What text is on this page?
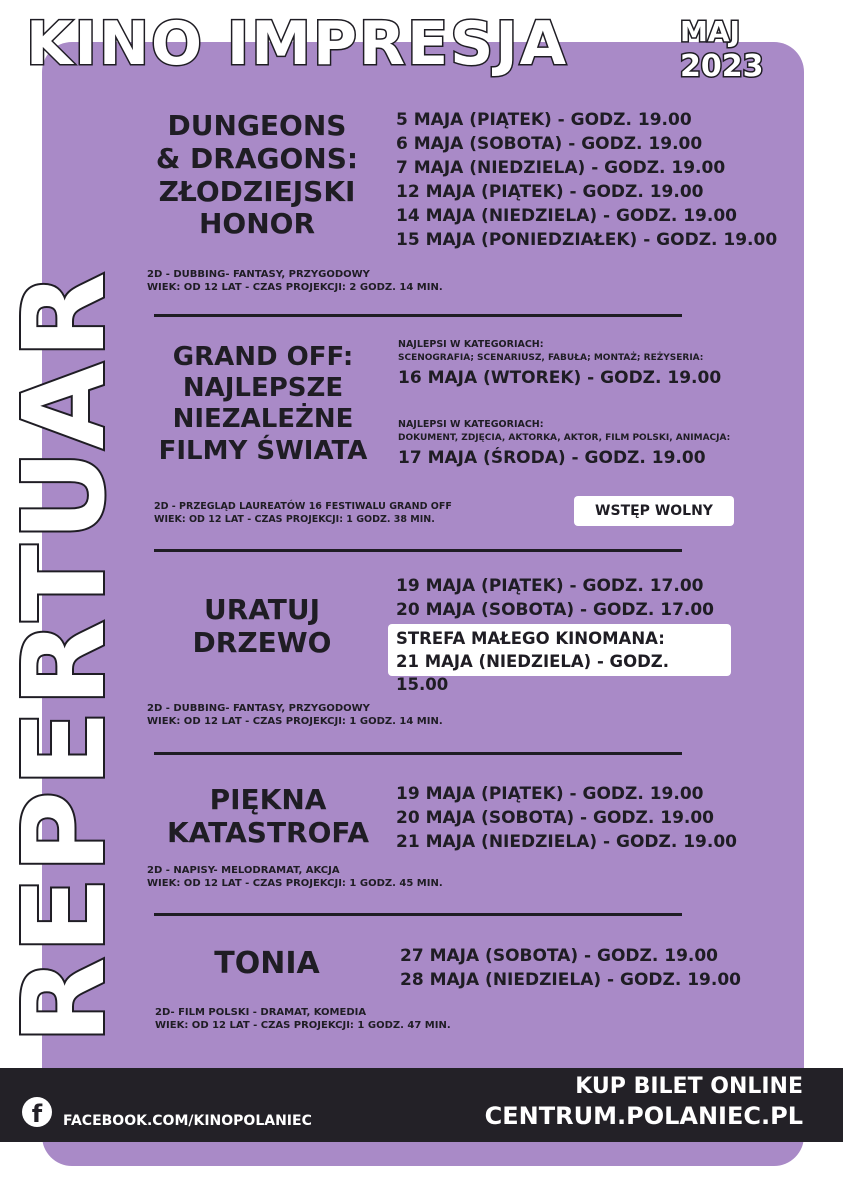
KINO IMPRESJA	MAJ
2023
REPERTUAR
DUNGEONS
& DRAGONS:
ZŁODZIEJSKI
HONOR
5 MAJA (PIĄTEK) - GODZ. 19.00
6 MAJA (SOBOTA) - GODZ. 19.00
7 MAJA (NIEDZIELA) - GODZ. 19.00
12 MAJA (PIĄTEK) - GODZ. 19.00
14 MAJA (NIEDZIELA) - GODZ. 19.00
15 MAJA (PONIEDZIAŁEK) - GODZ. 19.00
2D - DUBBING- FANTASY, PRZYGODOWY
WIEK: OD 12 LAT - CZAS PROJEKCJI: 2 GODZ. 14 MIN.
GRAND OFF:
NAJLEPSZE
NIEZALEŻNE
FILMY ŚWIATA
NAJLEPSI W KATEGORIACH:
SCENOGRAFIA; SCENARIUSZ, FABUŁA; MONTAŻ; REŻYSERIA:
16 MAJA (WTOREK) - GODZ. 19.00
NAJLEPSI W KATEGORIACH:
DOKUMENT, ZDJĘCIA, AKTORKA, AKTOR, FILM POLSKI, ANIMACJA:
17 MAJA (ŚRODA) - GODZ. 19.00
2D - PRZEGLĄD LAUREATÓW 16 FESTIWALU GRAND OFF
WIEK: OD 12 LAT - CZAS PROJEKCJI: 1 GODZ. 38 MIN.
WSTĘP WOLNY
URATUJ
DRZEWO
19 MAJA (PIĄTEK) - GODZ. 17.00
20 MAJA (SOBOTA) - GODZ. 17.00
STREFA MAŁEGO KINOMANA:
21 MAJA (NIEDZIELA) - GODZ. 15.00
2D - DUBBING- FANTASY, PRZYGODOWY
WIEK: OD 12 LAT - CZAS PROJEKCJI: 1 GODZ. 14 MIN.
PIĘKNA
KATASTROFA
19 MAJA (PIĄTEK) - GODZ. 19.00
20 MAJA (SOBOTA) - GODZ. 19.00
21 MAJA (NIEDZIELA) - GODZ. 19.00
2D - NAPISY- MELODRAMAT, AKCJA
WIEK: OD 12 LAT - CZAS PROJEKCJI: 1 GODZ. 45 MIN.
TONIA	27 MAJA (SOBOTA) - GODZ. 19.00
28 MAJA (NIEDZIELA) - GODZ. 19.00
2D- FILM POLSKI - DRAMAT, KOMEDIA
WIEK: OD 12 LAT - CZAS PROJEKCJI: 1 GODZ. 47 MIN.
f	FACEBOOK.COM/KINOPOLANIEC
KUP BILET ONLINE
CENTRUM.POLANIEC.PL
